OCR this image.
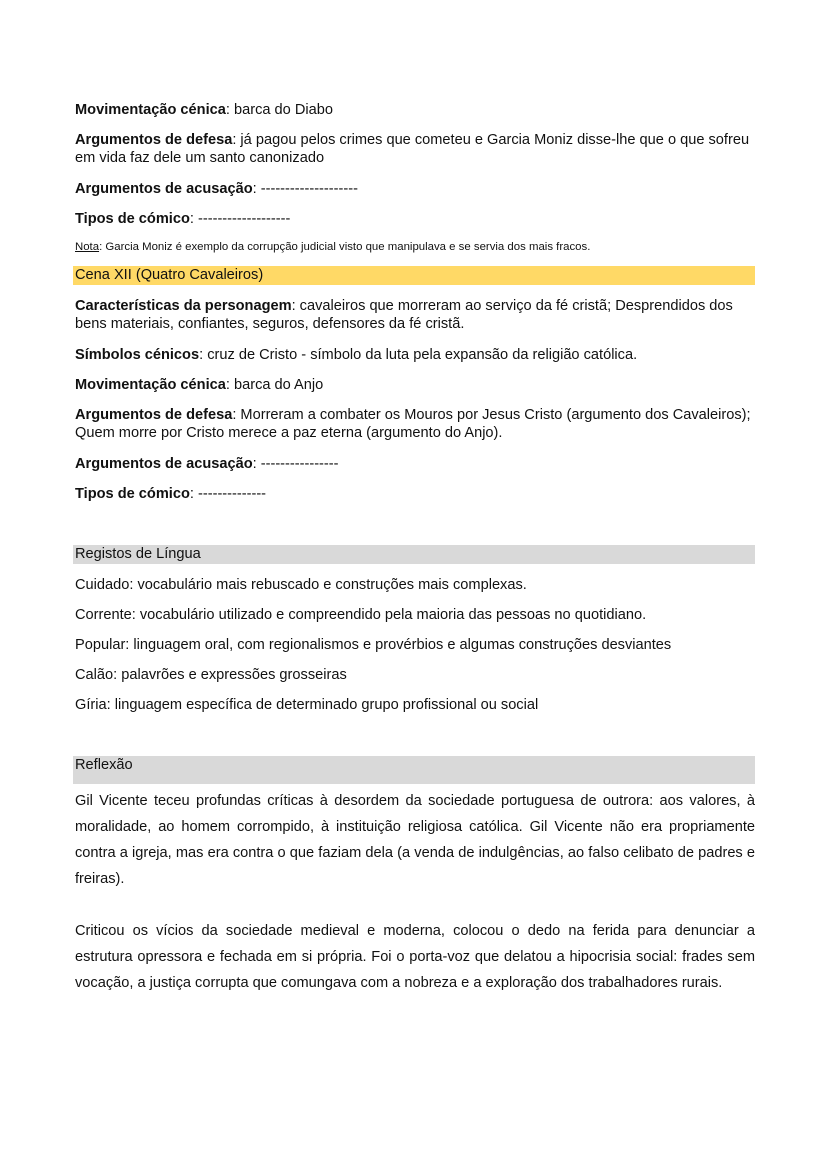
Movimentação cénica: barca do Diabo

Argumentos de defesa: já pagou pelos crimes que cometeu e Garcia Moniz disse-lhe que o que sofreu em vida faz dele um santo canonizado

Argumentos de acusação: --------------------

Tipos de cómico: -------------------

Nota: Garcia Moniz é exemplo da corrupção judicial visto que manipulava e se servia dos mais fracos.

Cena XII (Quatro Cavaleiros)

Características da personagem: cavaleiros que morreram ao serviço da fé cristã; Desprendidos dos bens materiais, confiantes, seguros, defensores da fé cristã.

Símbolos cénicos: cruz de Cristo - símbolo da luta pela expansão da religião católica.

Movimentação cénica: barca do Anjo

Argumentos de defesa: Morreram a combater os Mouros por Jesus Cristo (argumento dos Cavaleiros); Quem morre por Cristo merece a paz eterna (argumento do Anjo).

Argumentos de acusação: ----------------

Tipos de cómico: --------------

Registos de Língua

Cuidado: vocabulário mais rebuscado e construções mais complexas.

Corrente: vocabulário utilizado e compreendido pela maioria das pessoas no quotidiano.

Popular: linguagem oral, com regionalismos e provérbios e algumas construções desviantes

Calão: palavrões e expressões grosseiras

Gíria: linguagem específica de determinado grupo profissional ou social

Reflexão

Gil Vicente teceu profundas críticas à desordem da sociedade portuguesa de outrora: aos valores, à moralidade, ao homem corrompido, à instituição religiosa católica. Gil Vicente não era propriamente contra a igreja, mas era contra o que faziam dela (a venda de indulgências, ao falso celibato de padres e freiras).

Criticou os vícios da sociedade medieval e moderna, colocou o dedo na ferida para denunciar a estrutura opressora e fechada em si própria. Foi o porta-voz que delatou a hipocrisia social: frades sem vocação, a justiça corrupta que comungava com a nobreza e a exploração dos trabalhadores rurais.
